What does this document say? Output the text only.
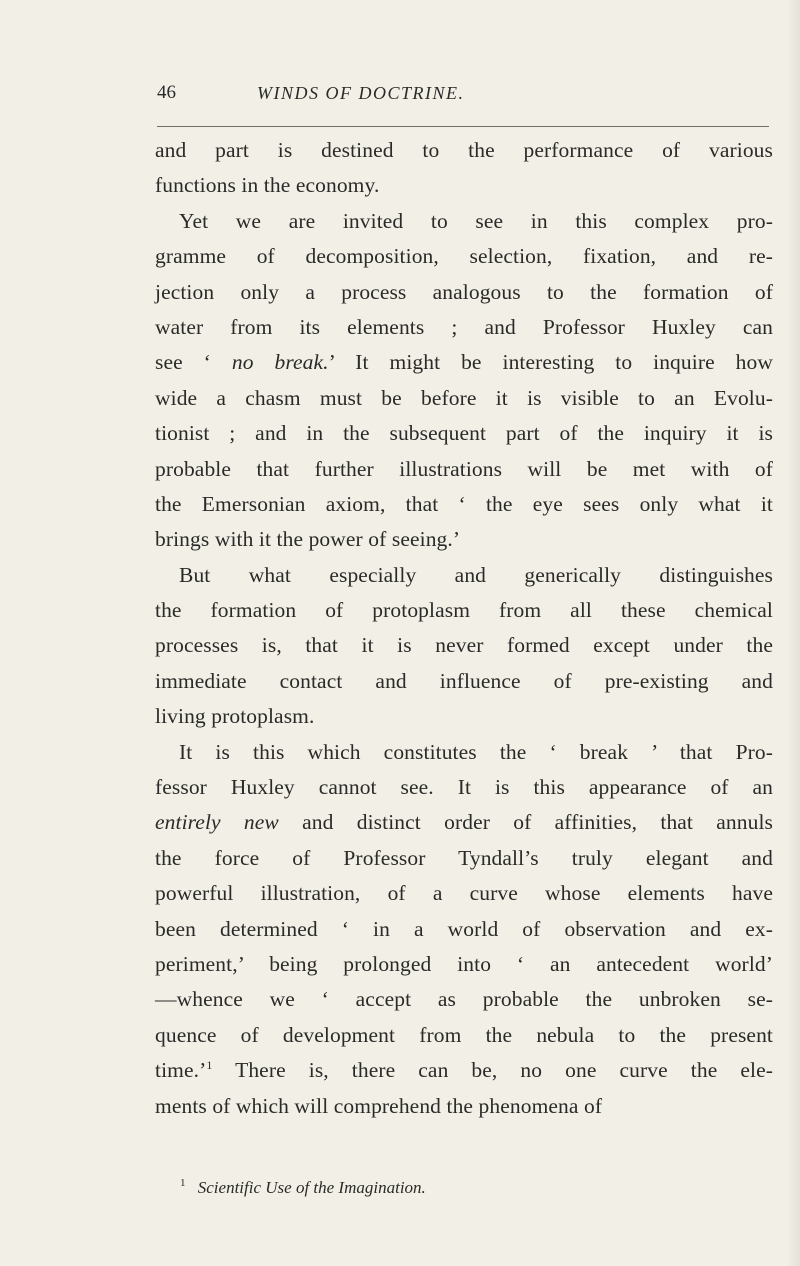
46	WINDS OF DOCTRINE.
and part is destined to the performance of various
functions in the economy.
Yet we are invited to see in this complex pro-
gramme of decomposition, selection, fixation, and re-
jection only a process analogous to the formation of
water from its elements ; and Professor Huxley can
see ‘ no break.’ It might be interesting to inquire how
wide a chasm must be before it is visible to an Evolu-
tionist ; and in the subsequent part of the inquiry it is
probable that further illustrations will be met with of
the Emersonian axiom, that ‘ the eye sees only what it
brings with it the power of seeing.’
But what especially and generically distinguishes
the formation of protoplasm from all these chemical
processes is, that it is never formed except under the
immediate contact and influence of pre-existing and
living protoplasm.
It is this which constitutes the ‘ break ’ that Pro-
fessor Huxley cannot see. It is this appearance of an
entirely new and distinct order of affinities, that annuls
the force of Professor Tyndall’s truly elegant and
powerful illustration, of a curve whose elements have
been determined ‘ in a world of observation and ex-
periment,’ being prolonged into ‘ an antecedent world’
—whence we ‘ accept as probable the unbroken se-
quence of development from the nebula to the present
time.’$^1$ There is, there can be, no one curve the ele-
ments of which will comprehend the phenomena of
$^1$ Scientific Use of the Imagination.
